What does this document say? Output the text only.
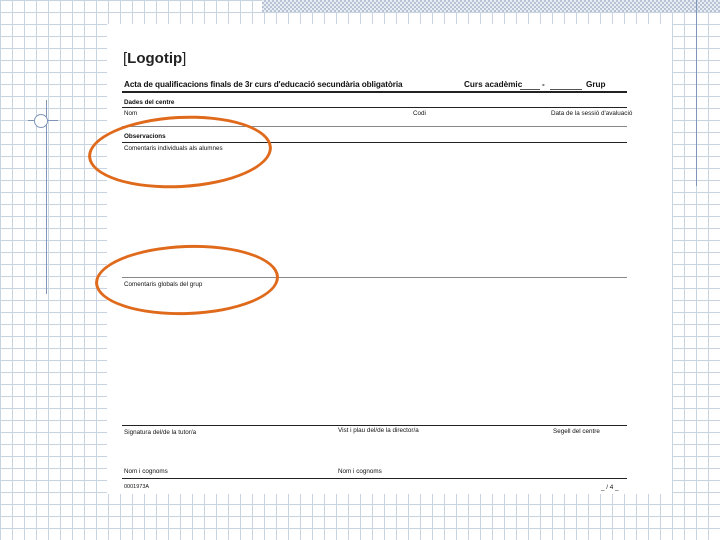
[Logotip]
Acta de qualificacions finals de 3r curs d'educació secundària obligatòria	Curs acadèmic -	Grup
Dades del centre
Nom	Codi	Data de la sessió d'avaluació
Observacions
Comentaris individuals als alumnes
Comentaris globals del grup
Signatura del/de la tutor/a	Vist i plau del/de la director/a	Segell del centre
Nom i cognoms	Nom i cognoms
0001973A	_ / 4 _
